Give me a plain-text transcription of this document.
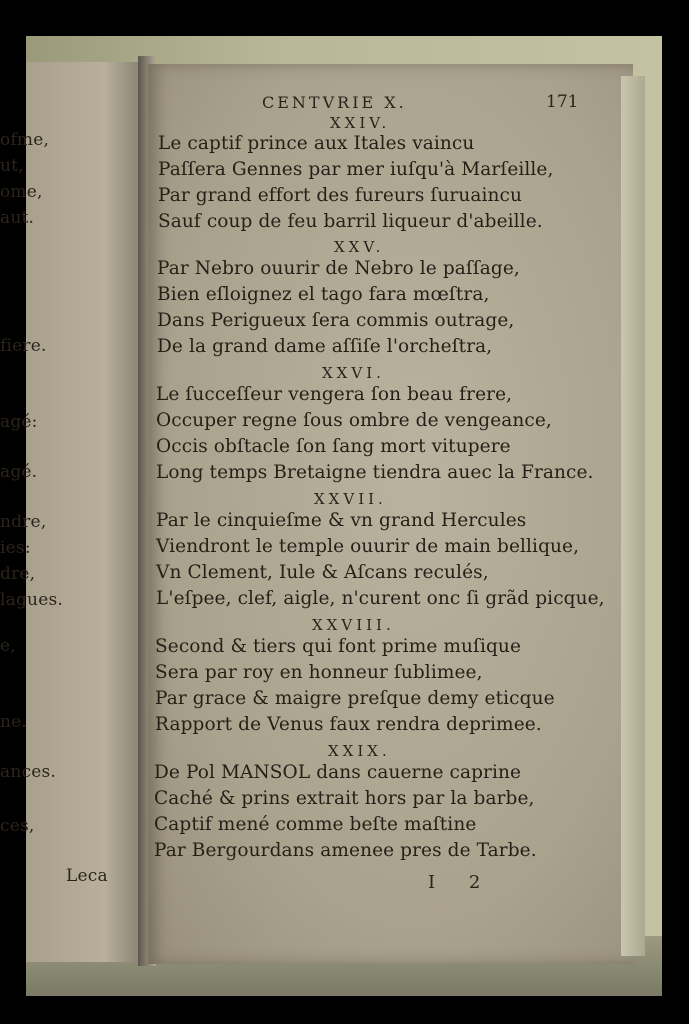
ofme,
ut,
ome,
aut.
fiere.
agé:
agé.
ndre,
ies:
dre,
lagues.
e,
ne.
ances.
ces,
Leca
CENTVRIE X.	171
XXIV.
Le captif prince aux Itales vaincu
Paſſera Gennes par mer iuſqu'à Marſeille,
Par grand effort des fureurs ſuruaincu
Sauf coup de feu barril liqueur d'abeille.
XXV.
Par Nebro ouurir de Nebro le paſſage,
Bien eſloignez el tago fara mœſtra,
Dans Perigueux ſera commis outrage,
De la grand dame aſſiſe l'orcheſtra,
XXVI.
Le ſucceſſeur vengera ſon beau frere,
Occuper regne ſous ombre de vengeance,
Occis obſtacle ſon ſang mort vitupere
Long temps Bretaigne tiendra auec la France.
XXVII.
Par le cinquieſme & vn grand Hercules
Viendront le temple ouurir de main bellique,
Vn Clement, Iule & Aſcans reculés,
L'eſpee, clef, aigle, n'curent onc ſi grãd picque,
XXVIII.
Second & tiers qui font prime muſique
Sera par roy en honneur ſublimee,
Par grace & maigre preſque demy eticque
Rapport de Venus faux rendra deprimee.
XXIX.
De Pol MANSOL dans cauerne caprine
Caché & prins extrait hors par la barbe,
Captif mené comme beſte maſtine
Par Bergourdans amenee pres de Tarbe.
I 2
